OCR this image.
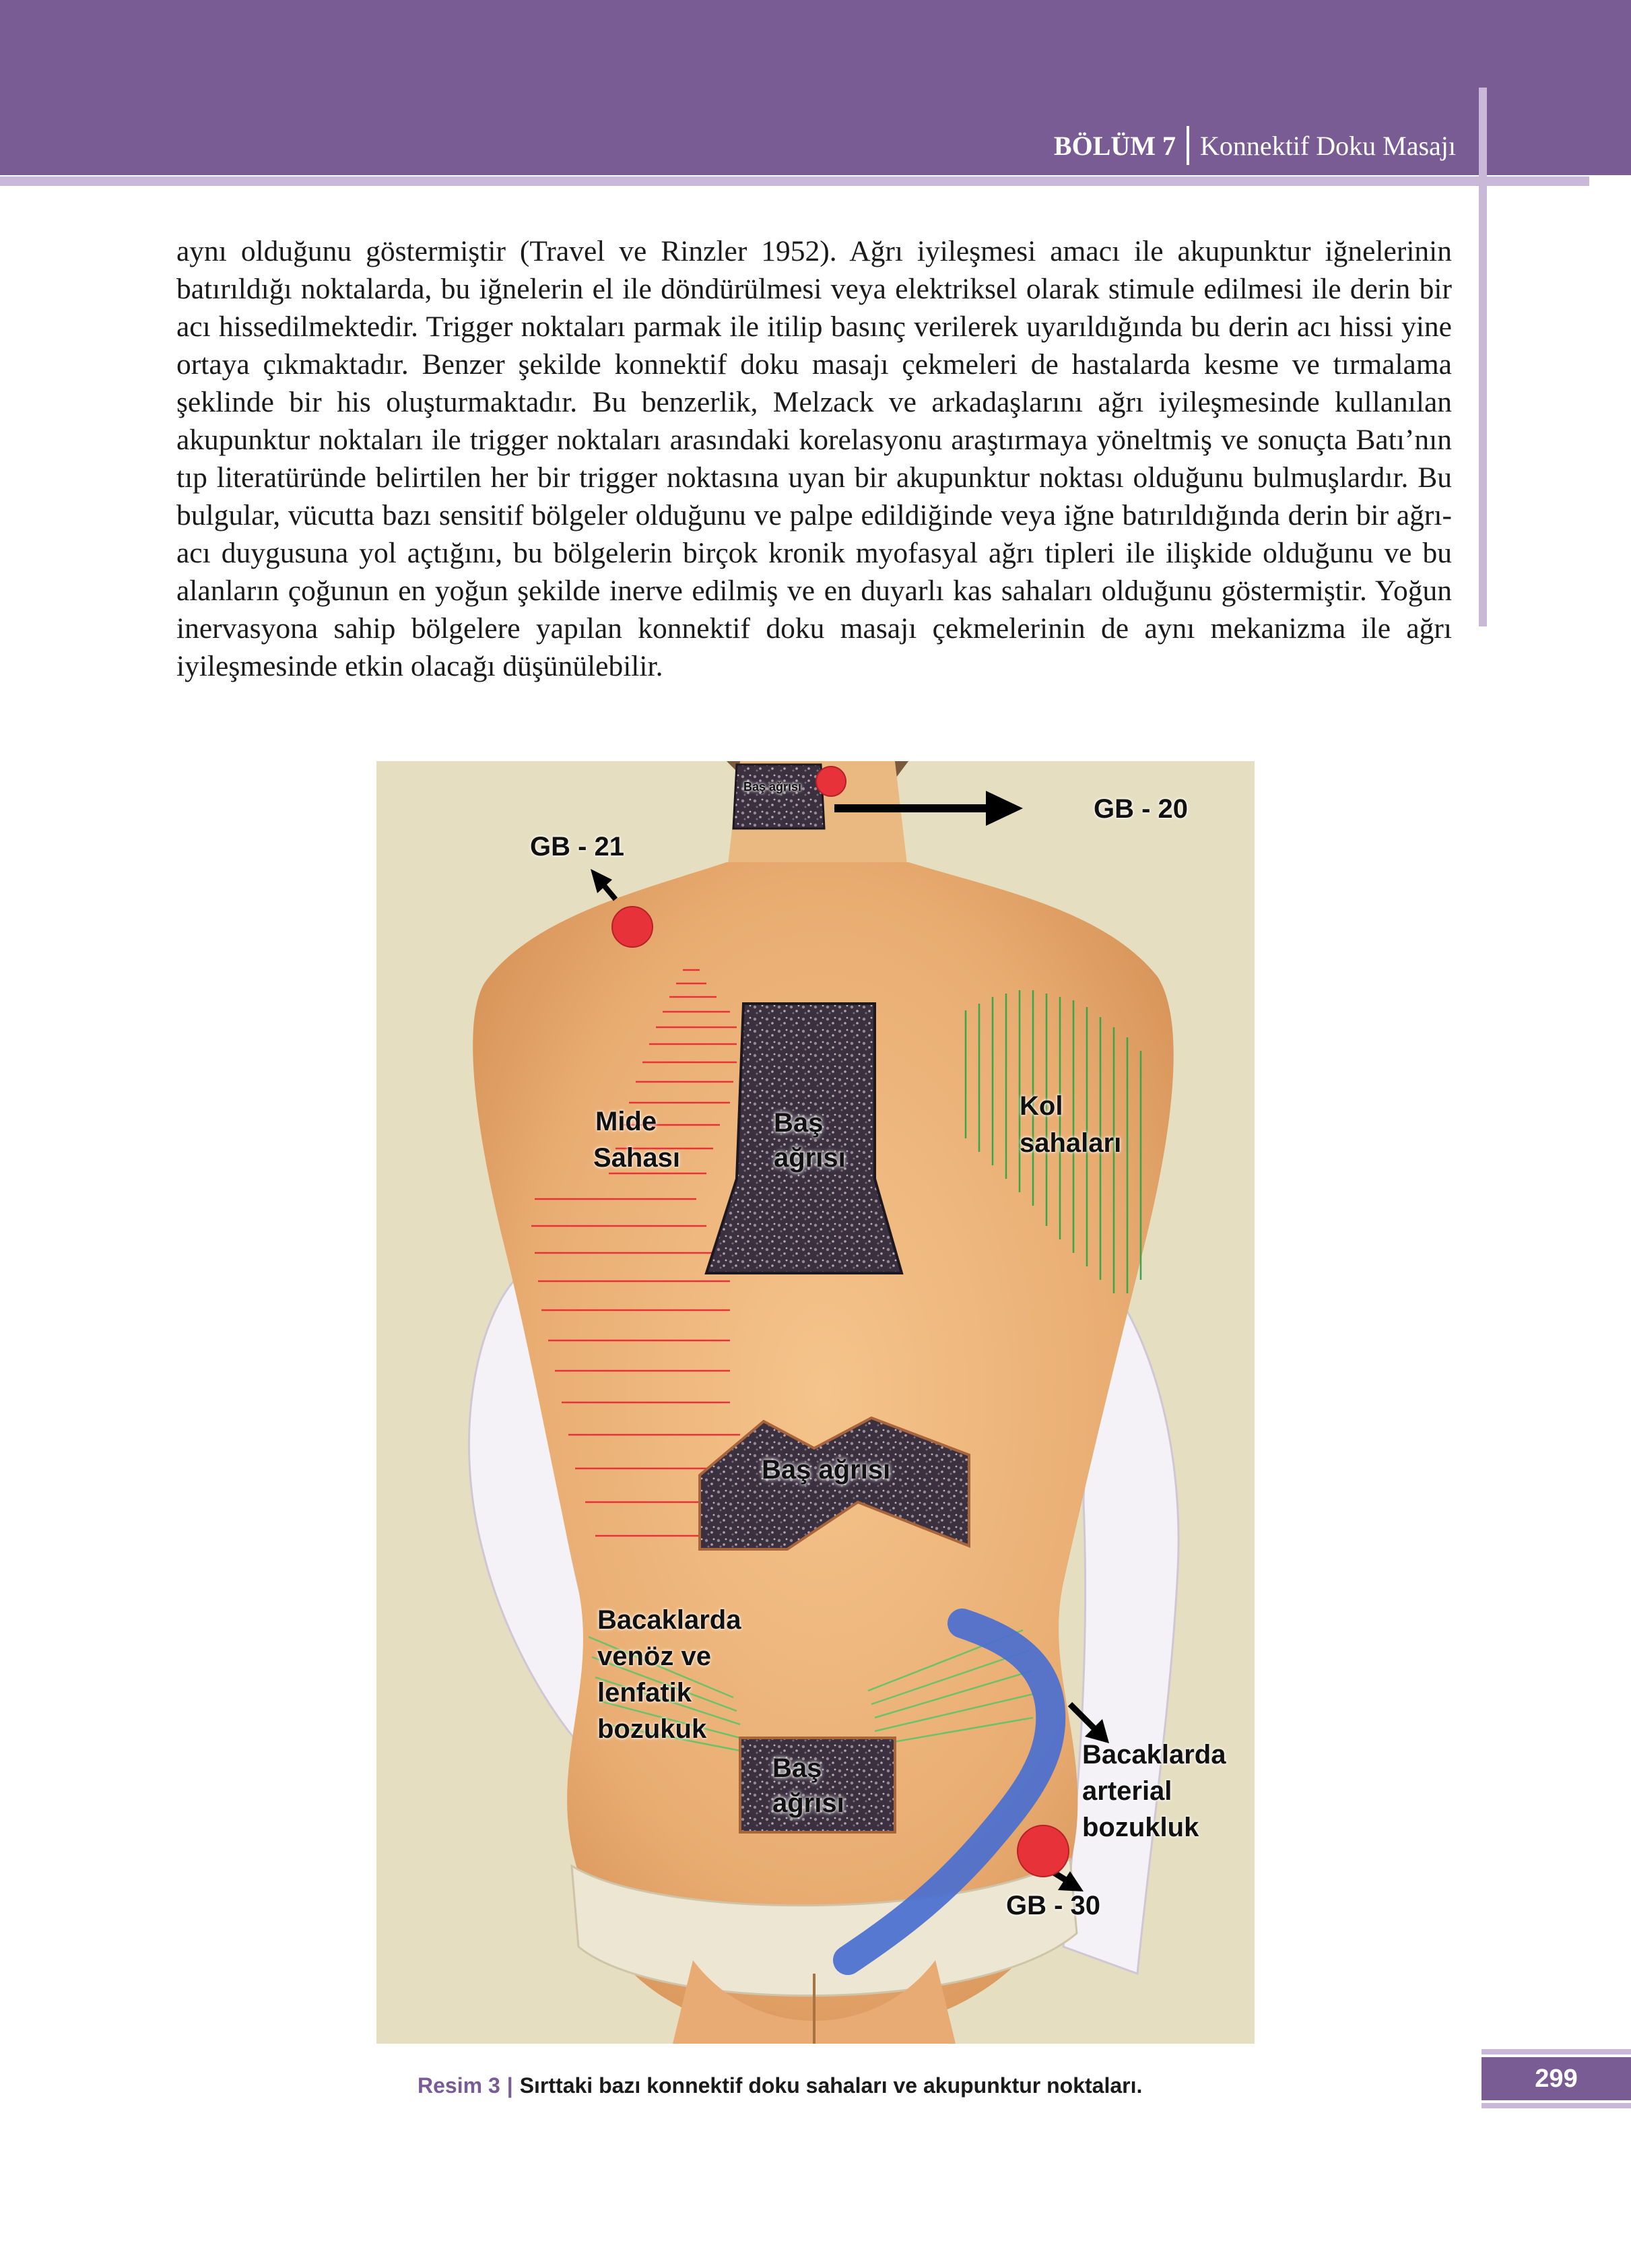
BÖLÜM 7 Konnektif Doku Masajı

aynı olduğunu göstermiştir (Travel ve Rinzler 1952). Ağrı iyileşmesi amacı ile akupunktur iğnelerinin batırıldığı noktalarda, bu iğnelerin el ile döndürülmesi veya elektriksel olarak stimule edilmesi ile derin bir acı hissedilmektedir. Trigger noktaları parmak ile itilip basınç verilerek uyarıldığında bu derin acı hissi yine ortaya çıkmaktadır. Benzer şekilde konnektif doku masajı çekmeleri de hastalarda kesme ve tırmalama şeklinde bir his oluşturmaktadır. Bu benzerlik, Melzack ve arkadaşlarını ağrı iyileşmesinde kullanılan akupunktur noktaları ile trigger noktaları arasındaki korelasyonu araştırmaya yöneltmiş ve sonuçta Batı’nın tıp literatüründe belirtilen her bir trigger noktasına uyan bir akupunktur noktası olduğunu bulmuşlardır. Bu bulgular, vücutta bazı sensitif bölgeler olduğunu ve palpe edildiğinde veya iğne batırıldığında derin bir ağrı-acı duygusuna yol açtığını, bu bölgelerin birçok kronik myofasyal ağrı tipleri ile ilişkide olduğunu ve bu alanların çoğunun en yoğun şekilde inerve edilmiş ve en duyarlı kas sahaları olduğunu göstermiştir. Yoğun inervasyona sahip bölgelere yapılan konnektif doku masajı çekmelerinin de aynı mekanizma ile ağrı iyileşmesinde etkin olacağı düşünülebilir.

Baş ağrısı
GB - 20
GB - 21
Mide
Sahası
Baş
ağrısı
Kol
sahaları
Baş ağrısı
Bacaklarda
venöz ve
lenfatik
bozukuk
Baş
ağrısı
Bacaklarda
arterial
bozukluk
GB - 30
Resim 3 | Sırttaki bazı konnektif doku sahaları ve akupunktur noktaları.	299
